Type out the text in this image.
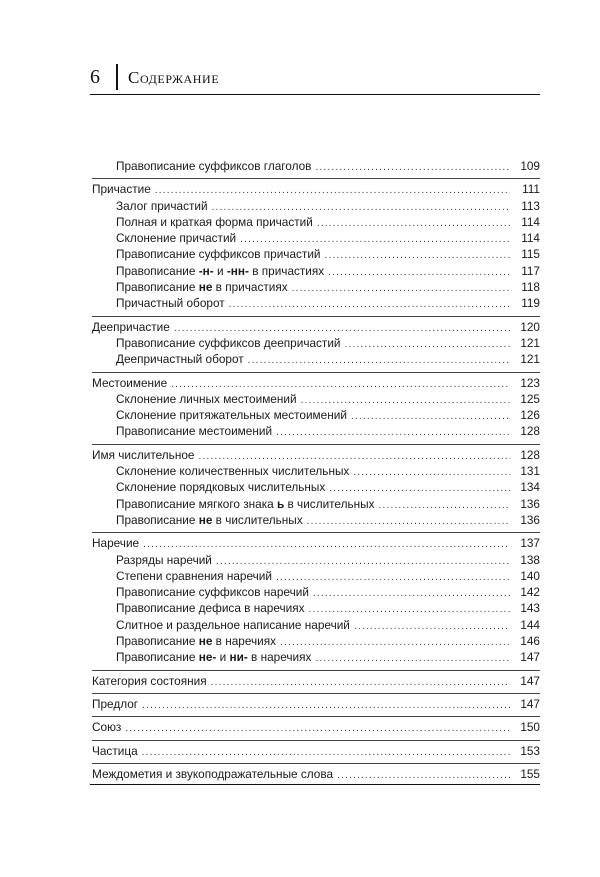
6 Содержание
Правописание суффиксов глаголов .....	109
Причастие .....	111
Залог причастий .....	113
Полная и краткая форма причастий .....	114
Склонение причастий .....	114
Правописание суффиксов причастий .....	115
Правописание -н- и -нн- в причастиях .....	117
Правописание не в причастиях .....	118
Причастный оборот .....	119
Деепричастие .....	120
Правописание суффиксов деепричастий .....	121
Деепричастный оборот .....	121
Местоимение .....	123
Склонение личных местоимений .....	125
Склонение притяжательных местоимений .....	126
Правописание местоимений .....	128
Имя числительное .....	128
Склонение количественных числительных .....	131
Склонение порядковых числительных .....	134
Правописание мягкого знака ь в числительных .....	136
Правописание не в числительных .....	136
Наречие .....	137
Разряды наречий .....	138
Степени сравнения наречий .....	140
Правописание суффиксов наречий .....	142
Правописание дефиса в наречиях .....	143
Слитное и раздельное написание наречий .....	144
Правописание не в наречиях .....	146
Правописание не- и ни- в наречиях .....	147
Категория состояния .....	147
Предлог .....	147
Союз .....	150
Частица .....	153
Междометия и звукоподражательные слова .....	155
